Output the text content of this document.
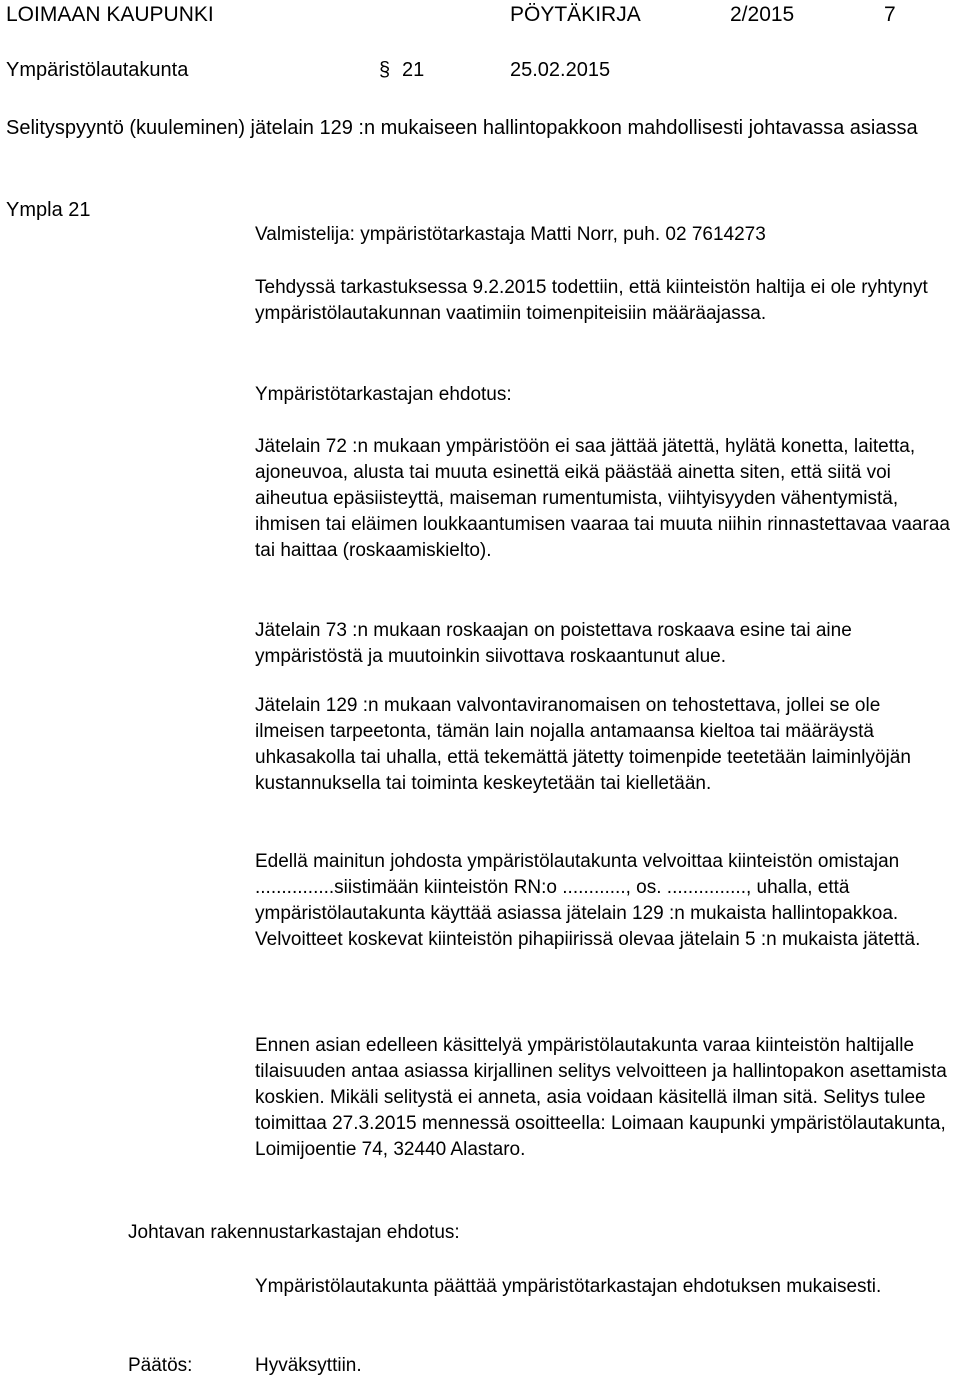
LOIMAAN KAUPUNKI	PÖYTÄKIRJA	2/2015	7
Ympäristölautakunta	§ 21	25.02.2015
Selityspyyntö (kuuleminen) jätelain 129 :n mukaiseen hallintopakkoon mahdollisesti johtavassa asiassa
Ympla 21
Valmistelija: ympäristötarkastaja Matti Norr, puh. 02 7614273

Tehdyssä tarkastuksessa 9.2.2015 todettiin, että kiinteistön haltija ei ole ryhtynyt ympäristölautakunnan vaatimiin toimenpiteisiin määräajassa.

Ympäristötarkastajan ehdotus:

Jätelain 72 :n mukaan ympäristöön ei saa jättää jätettä, hylätä konetta, laitetta, ajoneuvoa, alusta tai muuta esinettä eikä päästää ainetta siten, että siitä voi aiheutua epäsiisteyttä, maiseman rumentumista, viihtyisyyden vähentymistä, ihmisen tai eläimen loukkaantumisen vaaraa tai muuta niihin rinnastettavaa vaaraa tai haittaa (roskaamiskielto).

Jätelain 73 :n mukaan roskaajan on poistettava roskaava esine tai aine ympäristöstä ja muutoinkin siivottava roskaantunut alue.

Jätelain 129 :n mukaan valvontaviranomaisen on tehostettava, jollei se ole ilmeisen tarpeetonta, tämän lain nojalla antamaansa kieltoa tai määräystä uhkasakolla tai uhalla, että tekemättä jätetty toimenpide teetetään laiminlyöjän kustannuksella tai toiminta keskeytetään tai kielletään.

Edellä mainitun johdosta ympäristölautakunta velvoittaa kiinteistön omistajan ...............siistimään kiinteistön RN:o ............, os. ..............., uhalla, että ympäristölautakunta käyttää asiassa jätelain 129 :n mukaista hallintopakkoa. Velvoitteet koskevat kiinteistön pihapiirissä olevaa jätelain 5 :n mukaista jätettä.

Ennen asian edelleen käsittelyä ympäristölautakunta varaa kiinteistön haltijalle tilaisuuden antaa asiassa kirjallinen selitys velvoitteen ja hallintopakon asettamista koskien. Mikäli selitystä ei anneta, asia voidaan käsitellä ilman sitä. Selitys tulee toimittaa 27.3.2015 mennessä osoitteella: Loimaan kaupunki ympäristölautakunta, Loimijoentie 74, 32440 Alastaro.

Johtavan rakennustarkastajan ehdotus:

Ympäristölautakunta päättää ympäristötarkastajan ehdotuksen mukaisesti.

Päätös:	Hyväksyttiin.
